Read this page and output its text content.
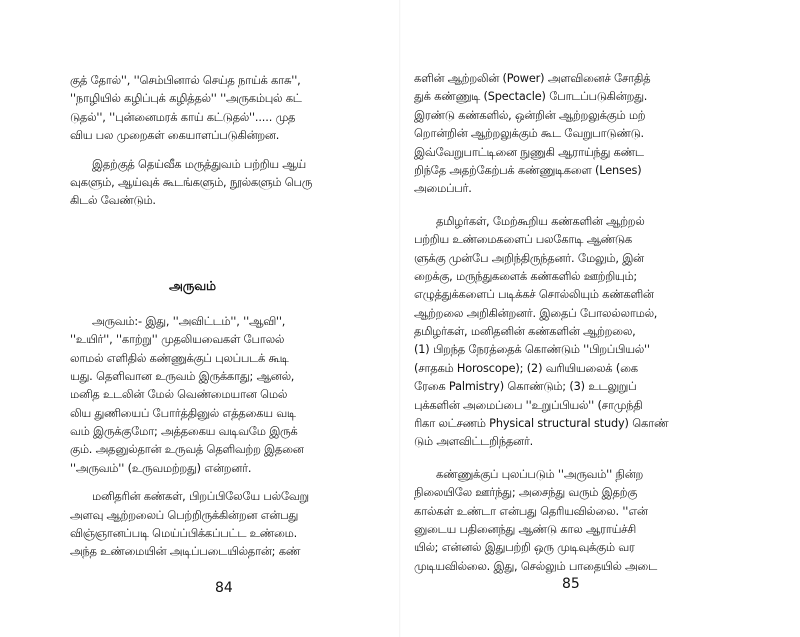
குத் தோல்'', ''செம்பினால் செய்த நாய்க் காசு'',
''நாழியில் கழிப்புக் கழித்தல்'' ''அருகம்புல் கட்
டுதல்'', ''புன்னைமரக் காய் கட்டுதல்''..... முத
விய பல முறைகள் கையாளப்படுகின்றன.
இதற்குத் தெய்வீக மருத்துவம் பற்றிய ஆய்
வுகளும், ஆய்வுக் கூடங்களும், நூல்களும் பெரு
கிடல் வேண்டும்.
அருவம்
அருவம்:- இது, ''அவிட்டம்'', ''ஆவி'',
''உயிர்'', ''காற்று'' முதலியவைகள் போலல்
லாமல் எளிதில் கண்ணுக்குப் புலப்படக் கூடி
யது. தெளிவான உருவம் இருக்காது; ஆனல்,
மனித உடலின் மேல் வெண்மையான மெல்
லிய துணியைப் போர்த்தினுல் எத்தகைய வடி
வம் இருக்குமோ; அத்தகைய வடிவமே இருக்
கும். அதனுல்தான் உருவத் தெளிவற்ற இதனை
''அருவம்'' (உருவமற்றது) என்றனர்.
மனிதரின் கண்கள், பிறப்பிலேயே பல்வேறு
அளவு ஆற்றலைப் பெற்றிருக்கின்றன என்பது
விஞ்ஞானப்படி மெய்ப்பிக்கப்பட்ட உண்மை.
அந்த உண்மையின் அடிப்படையில்தான்; கண்
84
களின் ஆற்றலின் (Power) அளவினைச் சோதித்
துக் கண்ணுடி (Spectacle) போடப்படுகின்றது.
இரண்டு கண்களில், ஒன்றின் ஆற்றலுக்கும் மற்
றொன்றின் ஆற்றலுக்கும் கூட வேறுபாடுண்டு.
இவ்வேறுபாட்டினை நுணுகி ஆராய்ந்து கண்ட
றிந்தே அதற்கேற்பக் கண்ணுடிகளை (Lenses)
அமைப்பர்.
தமிழர்கள், மேற்கூறிய கண்களின் ஆற்றல்
பற்றிய உண்மைகளைப் பலகோடி ஆண்டுக
ளுக்கு முன்பே அறிந்திருந்தனர். மேலும், இன்
றைக்கு, மருந்துகளைக் கண்களில் ஊற்றியும்;
எழுத்துக்களைப் படிக்கச் சொல்லியும் கண்களின்
ஆற்றலை அறிகின்றனர். இதைப் போலல்லாமல்,
தமிழர்கள், மனிதனின் கண்களின் ஆற்றலை,
(1) பிறந்த நேரத்தைக் கொண்டும் ''பிறப்பியல்''
(சாதகம் Horoscope); (2) வரியியலைக் (கை
ரேகை Palmistry) கொண்டும்; (3) உடலுறுப்
புக்களின் அமைப்பை ''உறுப்பியல்'' (சாமுந்தி
ரிகா லட்சணம் Physical structural study) கொண்
டும் அளவிட்டறிந்தனர்.
கண்ணுக்குப் புலப்படும் ''அருவம்'' நின்ற
நிலையிலே ஊர்ந்து; அசைந்து வரும் இதற்கு
கால்கள் உண்டா என்பது தெரியவில்லை. ''என்
னுடைய பதினைந்து ஆண்டு கால ஆராய்ச்சி
யில்; என்னல் இதுபற்றி ஒரு முடிவுக்கும் வர
முடியவில்லை. இது, செல்லும் பாதையில் அடை
85
